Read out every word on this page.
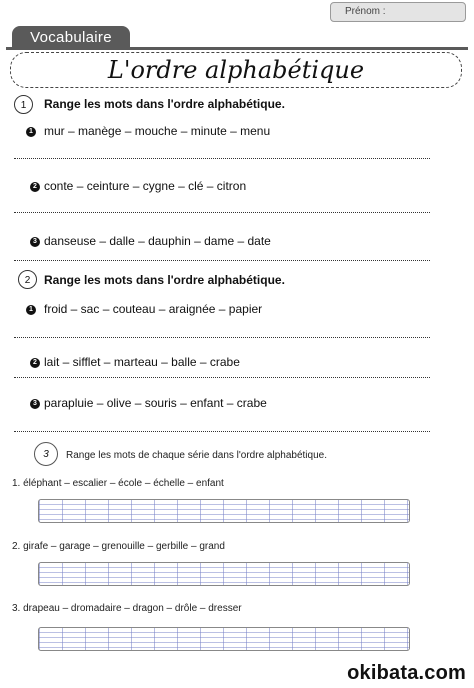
Prénom :
Vocabulaire
L'ordre alphabétique
1	Range les mots dans l'ordre alphabétique.
1 mur – manège – mouche – minute – menu
2 conte – ceinture – cygne – clé – citron
3 danseuse – dalle – dauphin – dame – date
2	Range les mots dans l'ordre alphabétique.
1 froid – sac – couteau – araignée – papier
2 lait – sifflet – marteau – balle – crabe
3 parapluie – olive – souris – enfant – crabe
3	Range les mots de chaque série dans l'ordre alphabétique.
1. éléphant – escalier – école – échelle – enfant
2. girafe – garage – grenouille – gerbille – grand
3. drapeau – dromadaire – dragon – drôle – dresser
okibata.com
